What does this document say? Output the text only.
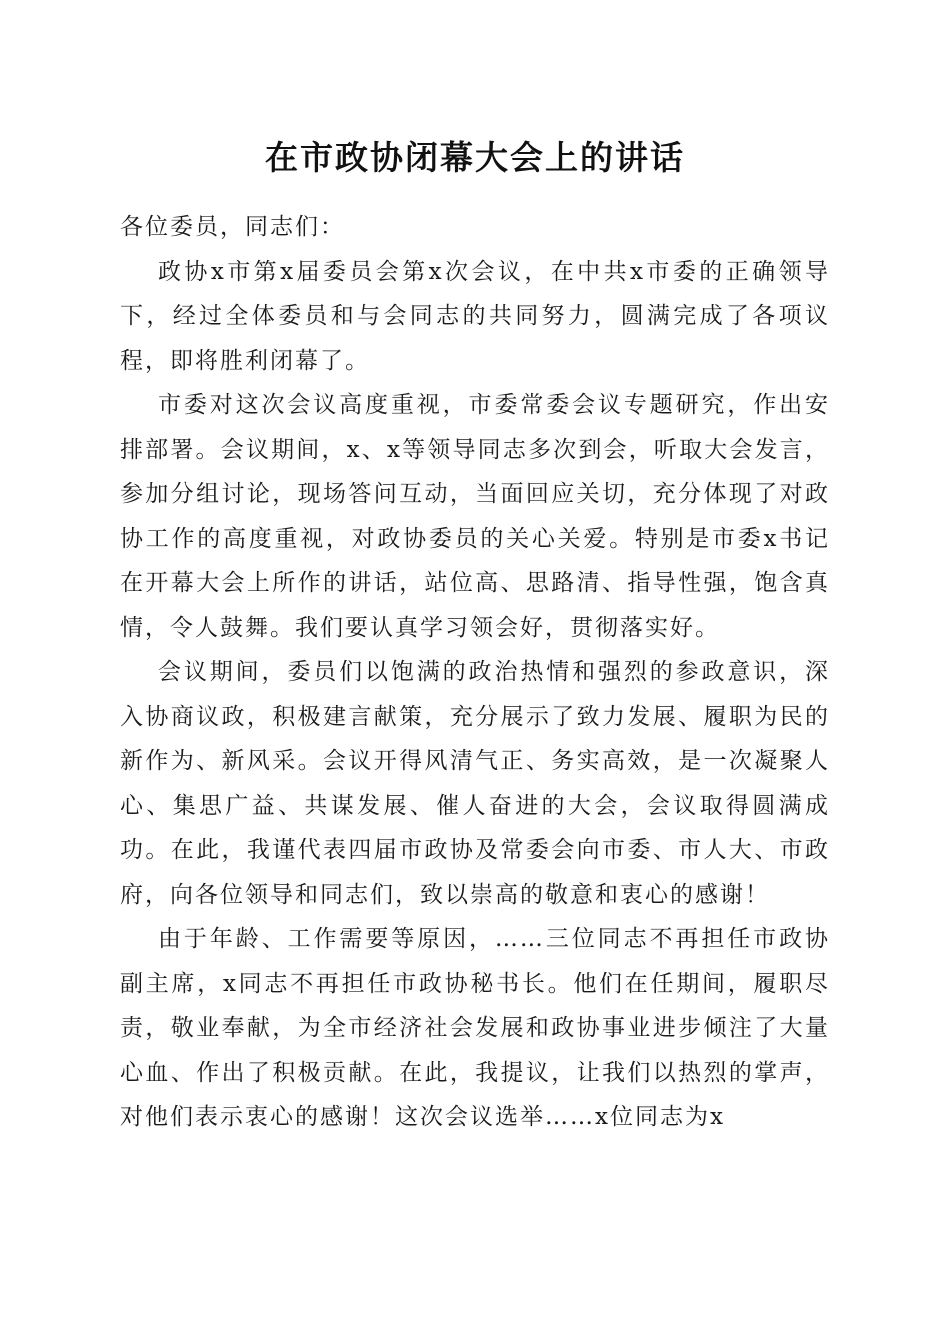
在市政协闭幕大会上的讲话

各位委员，同志们：

政协x市第x届委员会第x次会议，在中共x市委的正确领导下，经过全体委员和与会同志的共同努力，圆满完成了各项议程，即将胜利闭幕了。

市委对这次会议高度重视，市委常委会议专题研究，作出安排部署。会议期间，x、x等领导同志多次到会，听取大会发言，参加分组讨论，现场答问互动，当面回应关切，充分体现了对政协工作的高度重视，对政协委员的关心关爱。特别是市委x书记在开幕大会上所作的讲话，站位高、思路清、指导性强，饱含真情，令人鼓舞。我们要认真学习领会好，贯彻落实好。

会议期间，委员们以饱满的政治热情和强烈的参政意识，深入协商议政，积极建言献策，充分展示了致力发展、履职为民的新作为、新风采。会议开得风清气正、务实高效，是一次凝聚人心、集思广益、共谋发展、催人奋进的大会，会议取得圆满成功。在此，我谨代表四届市政协及常委会向市委、市人大、市政府，向各位领导和同志们，致以崇高的敬意和衷心的感谢！

由于年龄、工作需要等原因，……三位同志不再担任市政协副主席，x同志不再担任市政协秘书长。他们在任期间，履职尽责，敬业奉献，为全市经济社会发展和政协事业进步倾注了大量心血、作出了积极贡献。在此，我提议，让我们以热烈的掌声，对他们表示衷心的感谢！这次会议选举……x位同志为x
